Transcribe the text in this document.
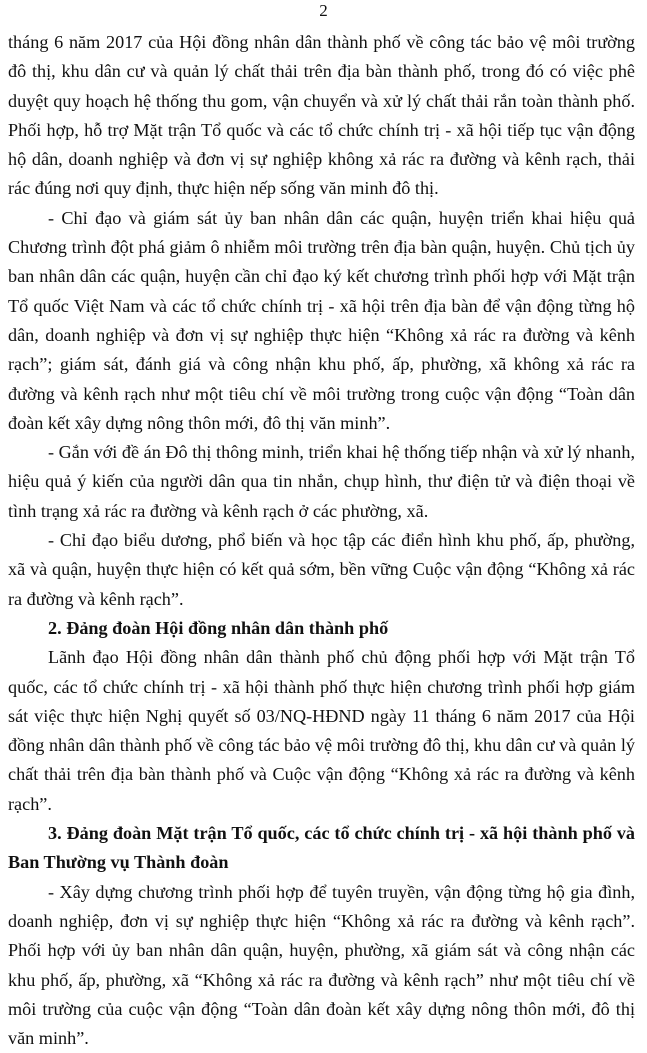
2

tháng 6 năm 2017 của Hội đồng nhân dân thành phố về công tác bảo vệ môi trường đô thị, khu dân cư và quản lý chất thải trên địa bàn thành phố, trong đó có việc phê duyệt quy hoạch hệ thống thu gom, vận chuyển và xử lý chất thải rắn toàn thành phố. Phối hợp, hỗ trợ Mặt trận Tổ quốc và các tổ chức chính trị - xã hội tiếp tục vận động hộ dân, doanh nghiệp và đơn vị sự nghiệp không xả rác ra đường và kênh rạch, thải rác đúng nơi quy định, thực hiện nếp sống văn minh đô thị.

- Chỉ đạo và giám sát ủy ban nhân dân các quận, huyện triển khai hiệu quả Chương trình đột phá giảm ô nhiễm môi trường trên địa bàn quận, huyện. Chủ tịch ủy ban nhân dân các quận, huyện cần chỉ đạo ký kết chương trình phối hợp với Mặt trận Tổ quốc Việt Nam và các tổ chức chính trị - xã hội trên địa bàn để vận động từng hộ dân, doanh nghiệp và đơn vị sự nghiệp thực hiện “Không xả rác ra đường và kênh rạch”; giám sát, đánh giá và công nhận khu phố, ấp, phường, xã không xả rác ra đường và kênh rạch như một tiêu chí về môi trường trong cuộc vận động “Toàn dân đoàn kết xây dựng nông thôn mới, đô thị văn minh”.

- Gắn với đề án Đô thị thông minh, triển khai hệ thống tiếp nhận và xử lý nhanh, hiệu quả ý kiến của người dân qua tin nhắn, chụp hình, thư điện tử và điện thoại về tình trạng xả rác ra đường và kênh rạch ở các phường, xã.

- Chỉ đạo biểu dương, phổ biến và học tập các điển hình khu phố, ấp, phường, xã và quận, huyện thực hiện có kết quả sớm, bền vững Cuộc vận động “Không xả rác ra đường và kênh rạch”.

2. Đảng đoàn Hội đồng nhân dân thành phố

Lãnh đạo Hội đồng nhân dân thành phố chủ động phối hợp với Mặt trận Tổ quốc, các tổ chức chính trị - xã hội thành phố thực hiện chương trình phối hợp giám sát việc thực hiện Nghị quyết số 03/NQ-HĐND ngày 11 tháng 6 năm 2017 của Hội đồng nhân dân thành phố về công tác bảo vệ môi trường đô thị, khu dân cư và quản lý chất thải trên địa bàn thành phố và Cuộc vận động “Không xả rác ra đường và kênh rạch”.

3. Đảng đoàn Mặt trận Tổ quốc, các tổ chức chính trị - xã hội thành phố và Ban Thường vụ Thành đoàn

- Xây dựng chương trình phối hợp để tuyên truyền, vận động từng hộ gia đình, doanh nghiệp, đơn vị sự nghiệp thực hiện “Không xả rác ra đường và kênh rạch”. Phối hợp với ủy ban nhân dân quận, huyện, phường, xã giám sát và công nhận các khu phố, ấp, phường, xã “Không xả rác ra đường và kênh rạch” như một tiêu chí về môi trường của cuộc vận động “Toàn dân đoàn kết xây dựng nông thôn mới, đô thị văn minh”.
